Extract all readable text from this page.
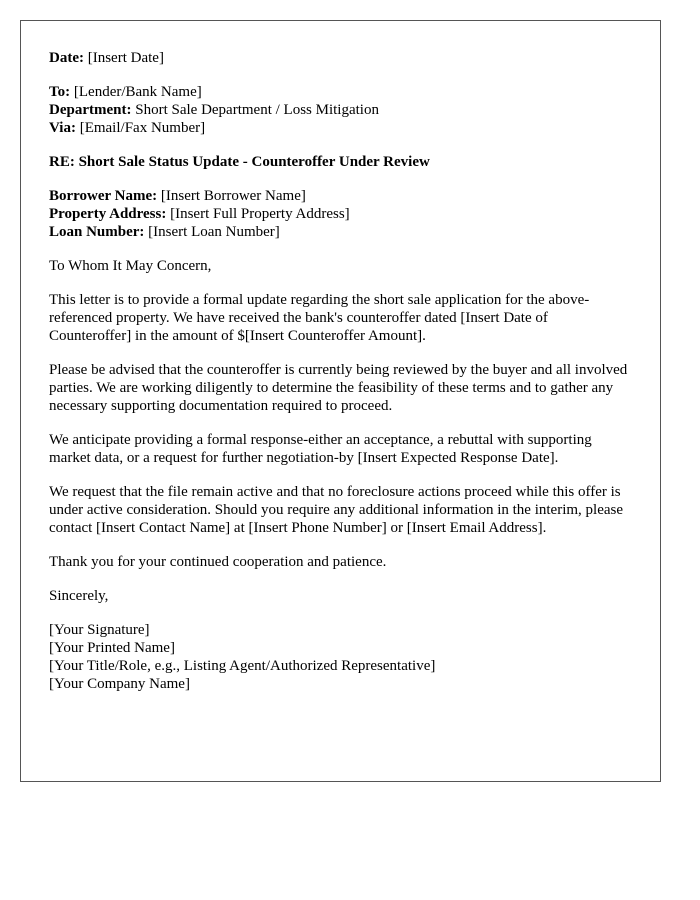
Date: [Insert Date]

To: [Lender/Bank Name]
Department: Short Sale Department / Loss Mitigation
Via: [Email/Fax Number]

RE: Short Sale Status Update - Counteroffer Under Review

Borrower Name: [Insert Borrower Name]
Property Address: [Insert Full Property Address]
Loan Number: [Insert Loan Number]

To Whom It May Concern,

This letter is to provide a formal update regarding the short sale application for the above-referenced property. We have received the bank's counteroffer dated [Insert Date of Counteroffer] in the amount of $[Insert Counteroffer Amount].

Please be advised that the counteroffer is currently being reviewed by the buyer and all involved parties. We are working diligently to determine the feasibility of these terms and to gather any necessary supporting documentation required to proceed.

We anticipate providing a formal response-either an acceptance, a rebuttal with supporting market data, or a request for further negotiation-by [Insert Expected Response Date].

We request that the file remain active and that no foreclosure actions proceed while this offer is under active consideration. Should you require any additional information in the interim, please contact [Insert Contact Name] at [Insert Phone Number] or [Insert Email Address].

Thank you for your continued cooperation and patience.

Sincerely,

[Your Signature]
[Your Printed Name]
[Your Title/Role, e.g., Listing Agent/Authorized Representative]
[Your Company Name]
